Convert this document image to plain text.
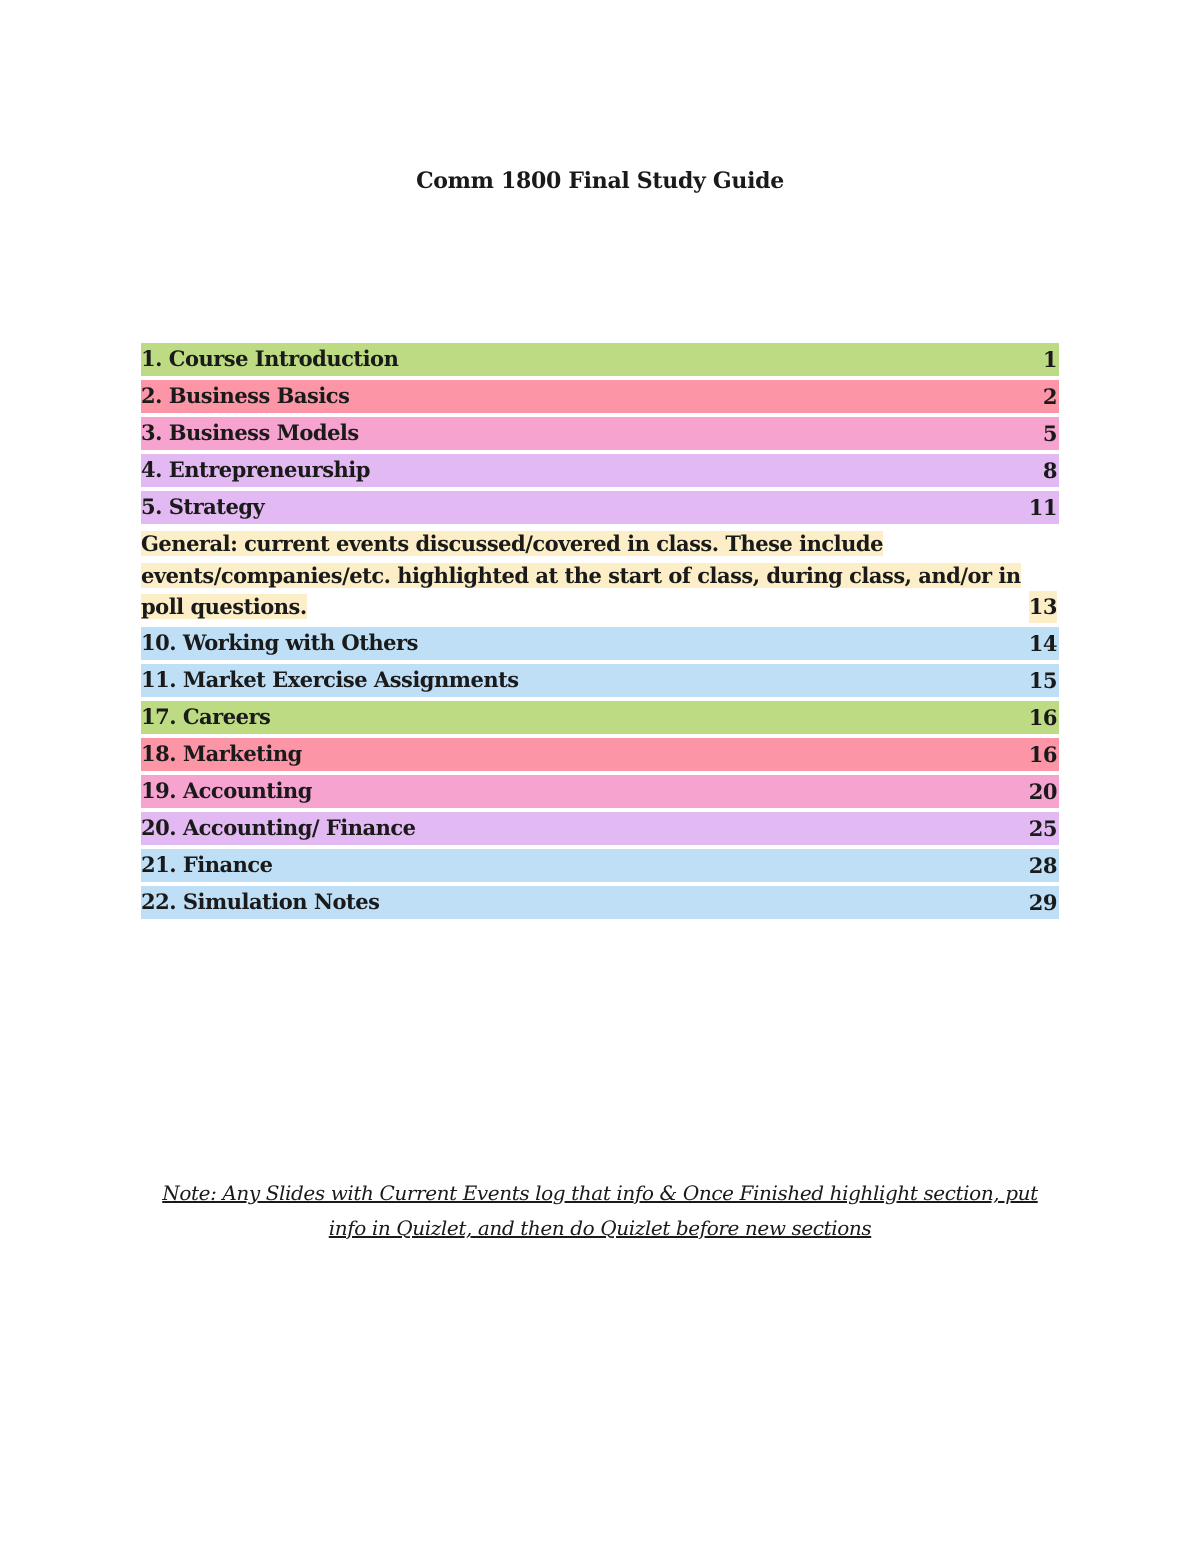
Comm 1800 Final Study Guide
1. Course Introduction	1
2. Business Basics	2
3. Business Models	5
4. Entrepreneurship	8
5. Strategy	11
General: current events discussed/covered in class. These include events/companies/etc. highlighted at the start of class, during class, and/or in poll questions.	13
10. Working with Others	14
11. Market Exercise Assignments	15
17. Careers	16
18. Marketing	16
19. Accounting	20
20. Accounting/ Finance	25
21. Finance	28
22. Simulation Notes	29
Note: Any Slides with Current Events log that info & Once Finished highlight section, put info in Quizlet, and then do Quizlet before new sections
